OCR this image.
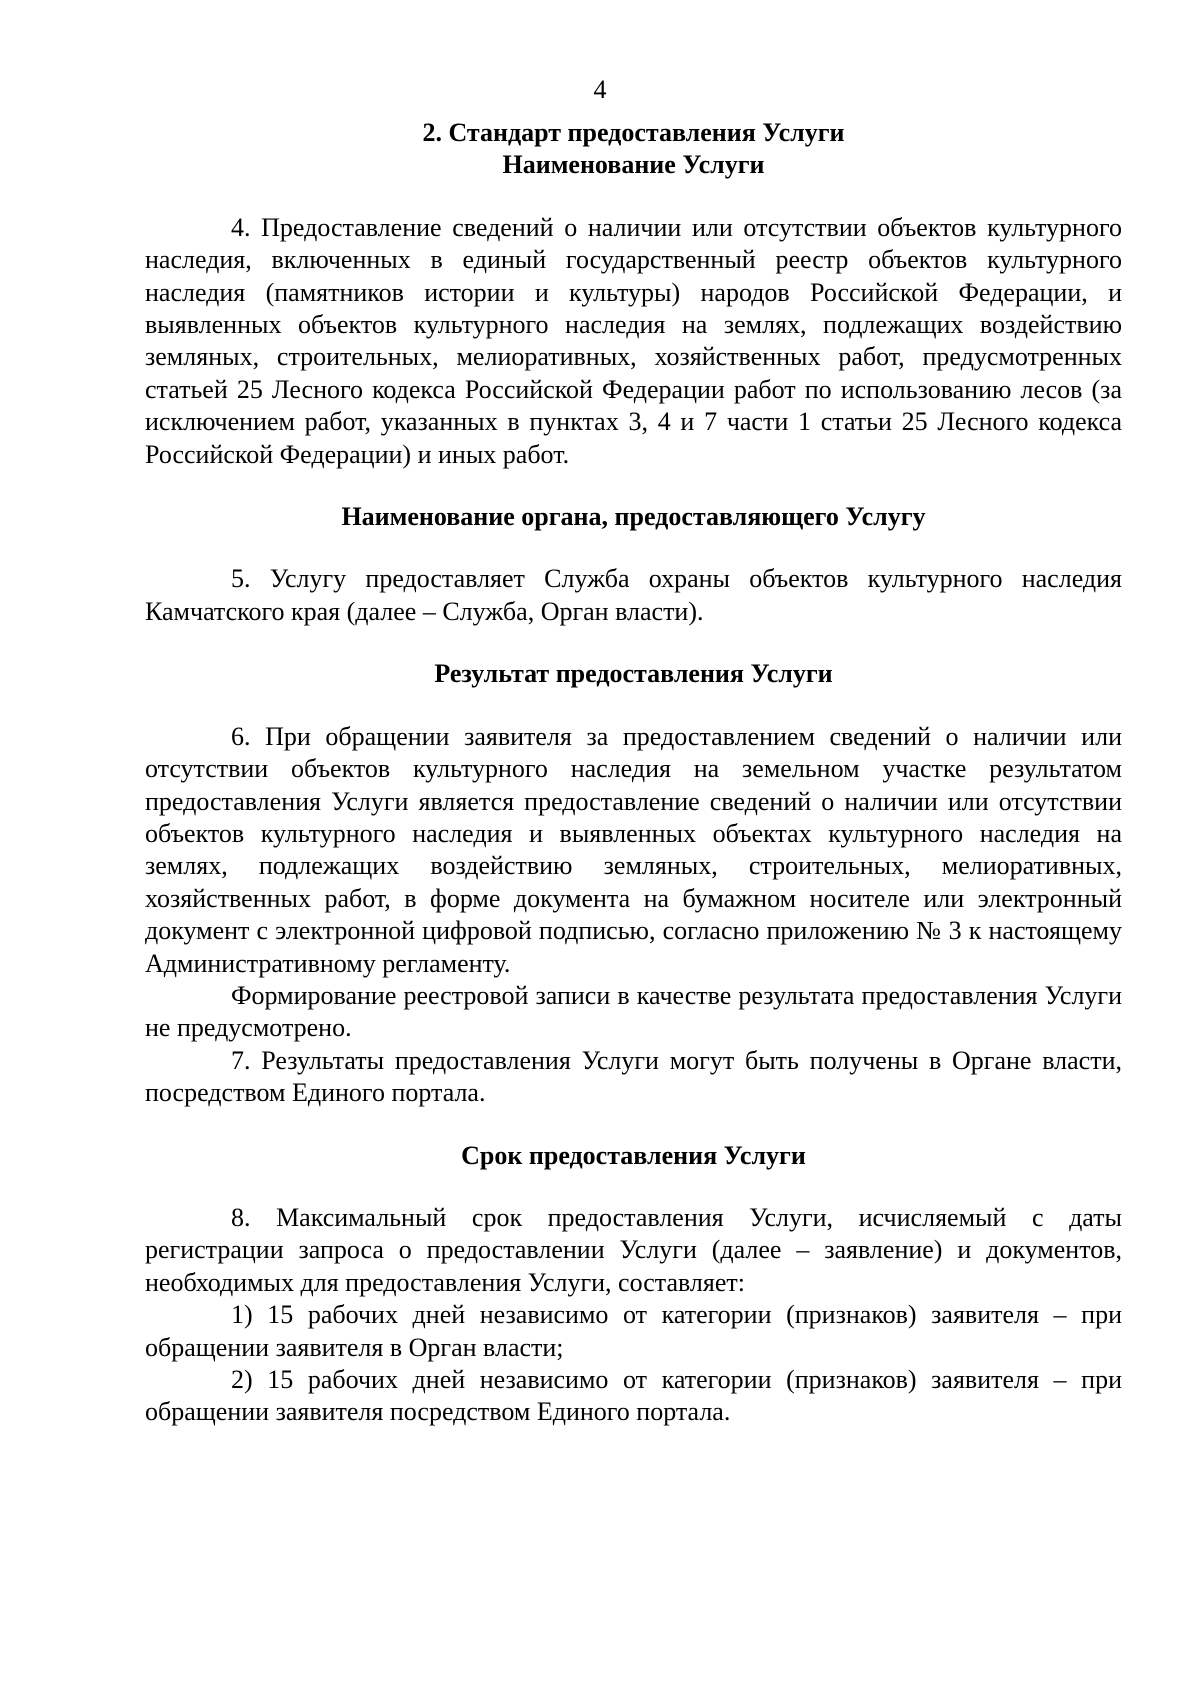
4

2. Стандарт предоставления Услуги

Наименование Услуги

4. Предоставление сведений о наличии или отсутствии объектов культурного наследия, включенных в единый государственный реестр объектов культурного наследия (памятников истории и культуры) народов Российской Федерации, и выявленных объектов культурного наследия на землях, подлежащих воздействию земляных, строительных, мелиоративных, хозяйственных работ, предусмотренных статьей 25 Лесного кодекса Российской Федерации работ по использованию лесов (за исключением работ, указанных в пунктах 3, 4 и 7 части 1 статьи 25 Лесного кодекса Российской Федерации) и иных работ.

Наименование органа, предоставляющего Услугу

5. Услугу предоставляет Служба охраны объектов культурного наследия Камчатского края (далее – Служба, Орган власти).

Результат предоставления Услуги

6. При обращении заявителя за предоставлением сведений о наличии или отсутствии объектов культурного наследия на земельном участке результатом предоставления Услуги является предоставление сведений о наличии или отсутствии объектов культурного наследия и выявленных объектах культурного наследия на землях, подлежащих воздействию земляных, строительных, мелиоративных, хозяйственных работ, в форме документа на бумажном носителе или электронный документ с электронной цифровой подписью, согласно приложению № 3 к настоящему Административному регламенту.

Формирование реестровой записи в качестве результата предоставления Услуги не предусмотрено.

7. Результаты предоставления Услуги могут быть получены в Органе власти, посредством Единого портала.

Срок предоставления Услуги

8. Максимальный срок предоставления Услуги, исчисляемый с даты регистрации запроса о предоставлении Услуги (далее – заявление) и документов, необходимых для предоставления Услуги, составляет:

1) 15 рабочих дней независимо от категории (признаков) заявителя – при обращении заявителя в Орган власти;

2) 15 рабочих дней независимо от категории (признаков) заявителя – при обращении заявителя посредством Единого портала.
